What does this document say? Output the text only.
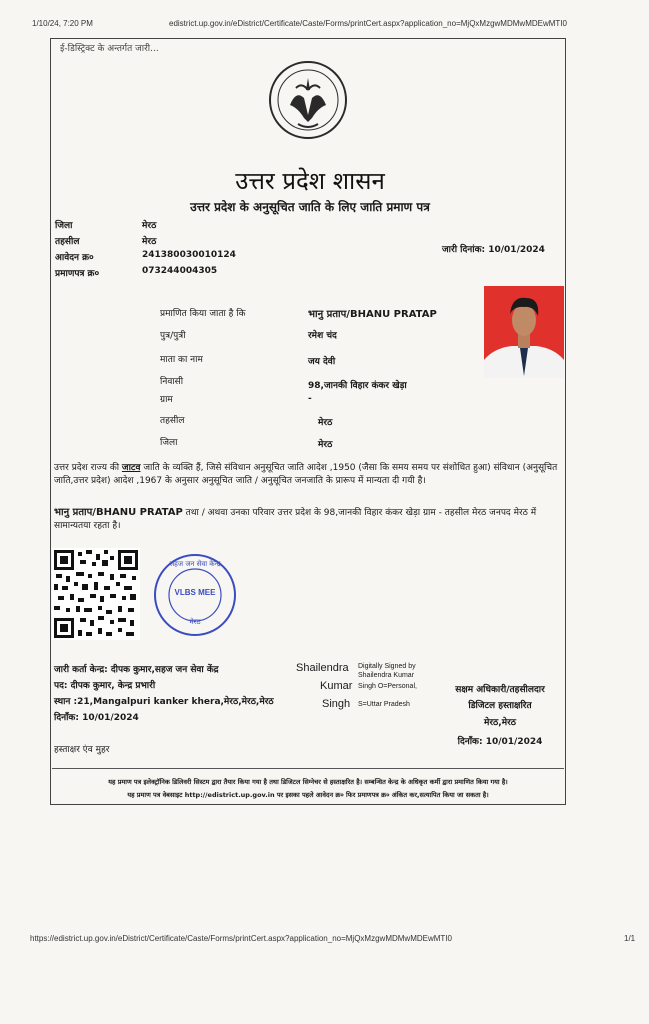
1/10/24, 7:20 PM	edistrict.up.gov.in/eDistrict/Certificate/Caste/Forms/printCert.aspx?application_no=MjQxMzgwMDMwMDEwMTI0
ई-डिस्ट्रिक्ट के अन्तर्गत जारी...
उत्तर प्रदेश शासन
उत्तर प्रदेश के अनुसूचित जाति के लिए जाति प्रमाण पत्र
जिला	मेरठ
तहसील	मेरठ
आवेदन क्र०	241380030010124
प्रमाणपत्र क्र०	073244004305
जारी दिनांक: 10/01/2024
प्रमाणित किया जाता है कि	भानु प्रताप/BHANU PRATAP
पुत्र/पुत्री	रमेश चंद
माता का नाम	जय देवी
निवासी	98,जानकी विहार कंकर खेड़ा
ग्राम	-
तहसील	मेरठ
जिला	मेरठ
उत्तर प्रदेश राज्य की जाटव जाति के व्यक्ति हैं, जिसे संविधान अनुसूचित जाति आदेश ,1950 (जैसा कि समय समय पर संशोधित हुआ) संविधान (अनुसूचित जाति,उत्तर प्रदेश) आदेश ,1967 के अनुसार अनुसूचित जाति / अनुसूचित जनजाति के प्रारूप में मान्यता दी गयी है।
भानु प्रताप/BHANU PRATAP तथा / अथवा उनका परिवार उत्तर प्रदेश के 98,जानकी विहार कंकर खेड़ा ग्राम - तहसील मेरठ जनपद मेरठ में सामान्यतया रहता है।
सहज जन सेवा केन्द्र
VLBS MEE
मेरठ
जारी कर्ता केन्द्र: दीपक कुमार,सहज जन सेवा केंद्र
पद: दीपक कुमार, केन्द्र प्रभारी
स्थान :21,Mangalpuri kanker khera,मेरठ,मेरठ,मेरठ
दिनाँक: 10/01/2024
हस्ताक्षर एंव मुहर
Shailendra
Kumar
Singh
Digitally Signed by
Shailendra Kumar
Singh O=Personal,
S=Uttar Pradesh
सक्षम अधिकारी/तहसीलदार
डिजिटल हस्ताक्षरित
मेरठ,मेरठ
दिनाँक: 10/01/2024
यह प्रमाण पत्र इलेक्ट्रॉनिक डिलिवरी सिस्टम द्वारा तैयार किया गया है तथा डिजिटल सिग्नेचर से हस्ताक्षरित है। सम्बन्धित केन्द्र के अधिकृत कर्मी द्वारा प्रमाणित किया गया है।
यह प्रमाण पत्र वेबसाइट http://edistrict.up.gov.in पर इसका पहले आवेदन क्र० फिर प्रमाणपत्र क्र० अंकित कर,सत्यापित किया जा सकता है।
https://edistrict.up.gov.in/eDistrict/Certificate/Caste/Forms/printCert.aspx?application_no=MjQxMzgwMDMwMDEwMTI0	1/1
